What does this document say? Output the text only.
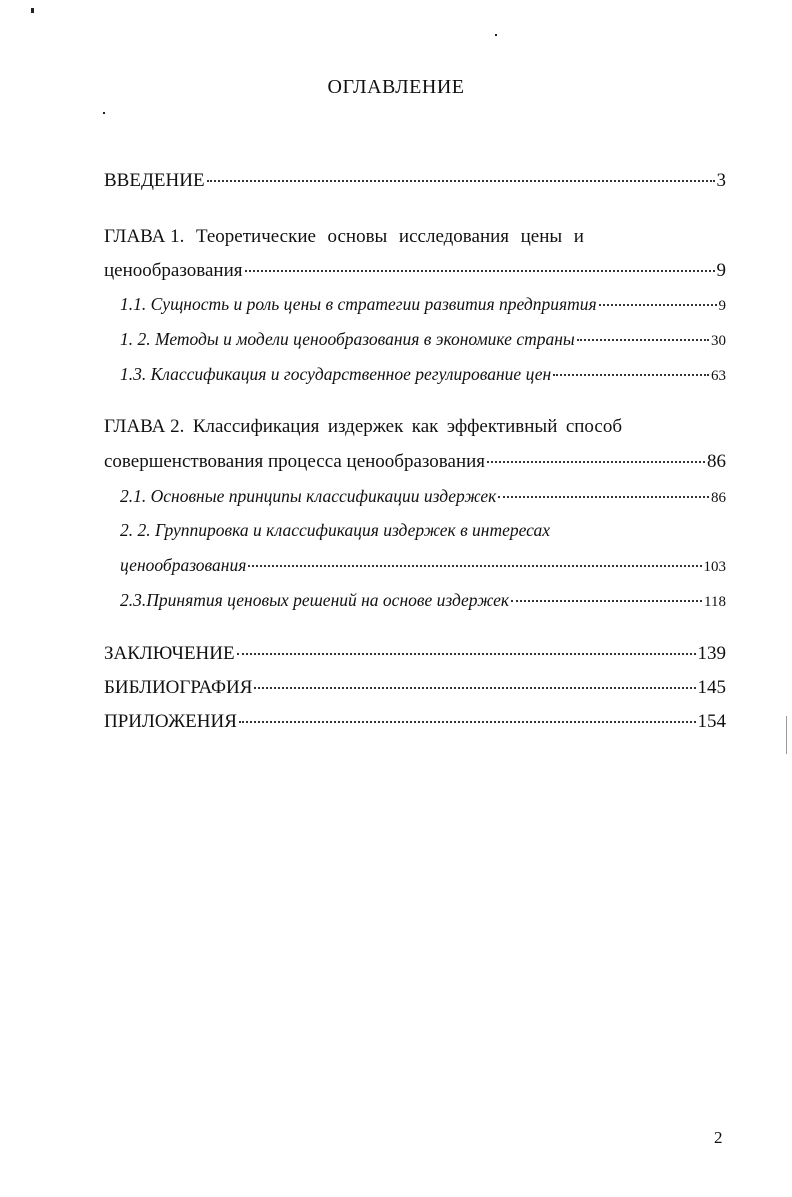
ОГЛАВЛЕНИЕ
ВВЕДЕНИЕ	3
ГЛАВА 1. Теоретические основы исследования цены и
ценообразования	9
1.1. Сущность и роль цены в стратегии развития предприятия	9
1. 2. Методы и модели ценообразования в экономике страны	30
1.3. Классификация и государственное регулирование цен	63
ГЛАВА 2. Классификация издержек как эффективный способ
совершенствования процесса ценообразования	86
2.1. Основные принципы классификации издержек	86
2. 2. Группировка и классификация издержек в интересах
ценообразования	103
2.3.Принятия ценовых решений на основе издержек	118
ЗАКЛЮЧЕНИЕ	139
БИБЛИОГРАФИЯ	145
ПРИЛОЖЕНИЯ	154
2
